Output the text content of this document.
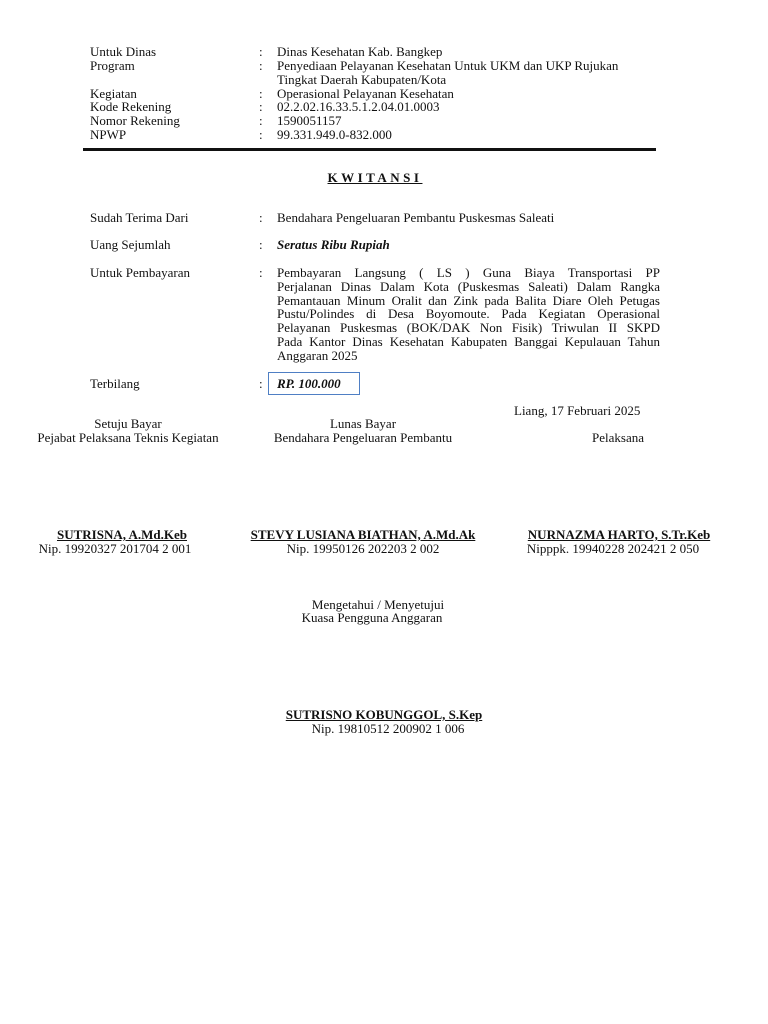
Untuk Dinas	: Dinas Kesehatan Kab. Bangkep
Program	: Penyediaan Pelayanan Kesehatan Untuk UKM dan UKP Rujukan
Tingkat Daerah Kabupaten/Kota
Kegiatan	: Operasional Pelayanan Kesehatan
Kode Rekening	: 02.2.02.16.33.5.1.2.04.01.0003
Nomor Rekening	: 1590051157
NPWP	: 99.331.949.0-832.000
KWITANSI
Sudah Terima Dari	: Bendahara Pengeluaran Pembantu Puskesmas Saleati
Uang Sejumlah	: Seratus Ribu Rupiah
Untuk Pembayaran	: Pembayaran Langsung ( LS ) Guna Biaya Transportasi PP
Perjalanan Dinas Dalam Kota (Puskesmas Saleati) Dalam Rangka
Pemantauan Minum Oralit dan Zink pada Balita Diare Oleh Petugas
Pustu/Polindes di Desa Boyomoute. Pada Kegiatan Operasional
Pelayanan Puskesmas (BOK/DAK Non Fisik) Triwulan II SKPD
Pada Kantor Dinas Kesehatan Kabupaten Banggai Kepulauan Tahun
Anggaran 2025
Terbilang	:	RP. 100.000
Liang, 17 Februari 2025
Setuju Bayar
Pejabat Pelaksana Teknis Kegiatan
Lunas Bayar
Bendahara Pengeluaran Pembantu	Pelaksana
SUTRISNA, A.Md.Keb
Nip. 19920327 201704 2 001
STEVY LUSIANA BIATHAN, A.Md.Ak
Nip. 19950126 202203 2 002
NURNAZMA HARTO, S.Tr.Keb
Nipppk. 19940228 202421 2 050
Mengetahui / Menyetujui
Kuasa Pengguna Anggaran
SUTRISNO KOBUNGGOL, S.Kep
Nip. 19810512 200902 1 006
